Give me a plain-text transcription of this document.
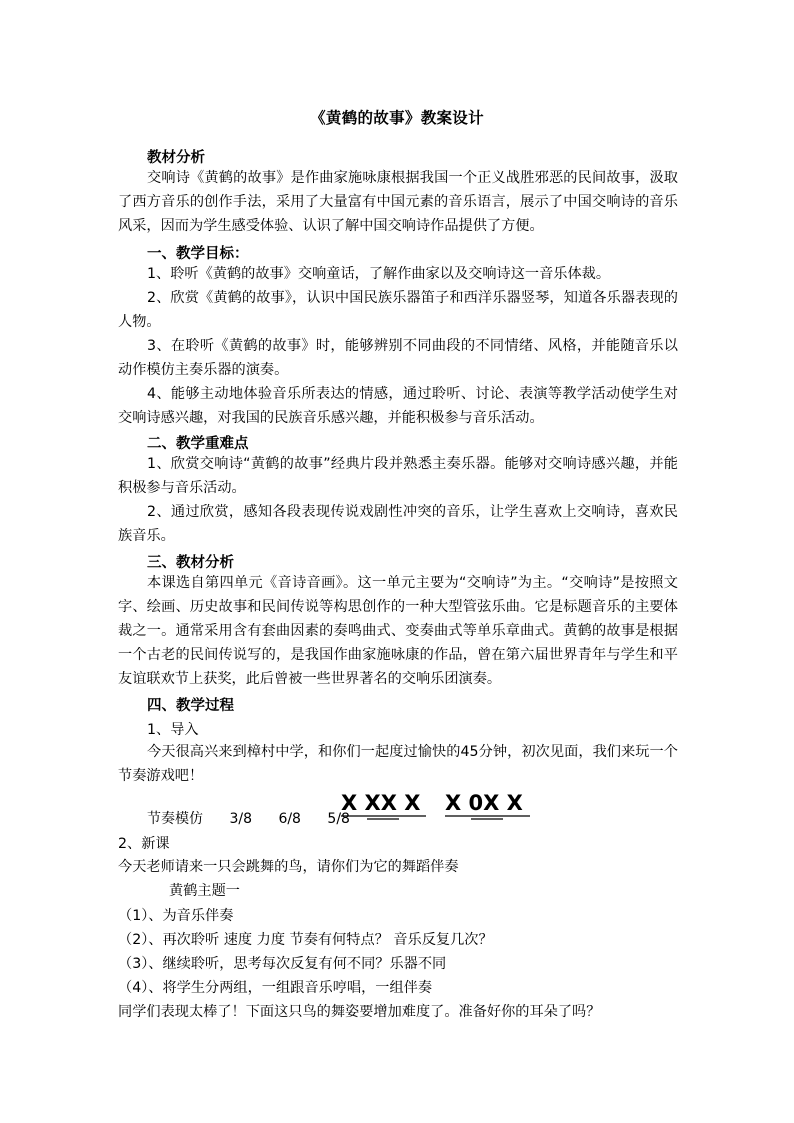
《黄鹤的故事》教案设计
教材分析
交响诗《黄鹤的故事》是作曲家施咏康根据我国一个正义战胜邪恶的民间故事，汲取了西方音乐的创作手法，采用了大量富有中国元素的音乐语言，展示了中国交响诗的音乐风采，因而为学生感受体验、认识了解中国交响诗作品提供了方便。
一、教学目标：
1、聆听《黄鹤的故事》交响童话，了解作曲家以及交响诗这一音乐体裁。
2、欣赏《黄鹤的故事》，认识中国民族乐器笛子和西洋乐器竖琴，知道各乐器表现的人物。
3、在聆听《黄鹤的故事》时，能够辨别不同曲段的不同情绪、风格，并能随音乐以动作模仿主奏乐器的演奏。
4、能够主动地体验音乐所表达的情感，通过聆听、讨论、表演等教学活动使学生对交响诗感兴趣，对我国的民族音乐感兴趣，并能积极参与音乐活动。
二、教学重难点
1、欣赏交响诗“黄鹤的故事”经典片段并熟悉主奏乐器。能够对交响诗感兴趣，并能积极参与音乐活动。
2、通过欣赏，感知各段表现传说戏剧性冲突的音乐，让学生喜欢上交响诗，喜欢民族音乐。
三、教材分析
本课选自第四单元《音诗音画》。这一单元主要为“交响诗”为主。“交响诗”是按照文字、绘画、历史故事和民间传说等构思创作的一种大型管弦乐曲。它是标题音乐的主要体裁之一。通常采用含有套曲因素的奏鸣曲式、变奏曲式等单乐章曲式。黄鹤的故事是根据一个古老的民间传说写的，是我国作曲家施咏康的作品，曾在第六届世界青年与学生和平友谊联欢节上获奖，此后曾被一些世界著名的交响乐团演奏。
四、教学过程
1、导入
今天很高兴来到樟村中学，和你们一起度过愉快的45分钟，初次见面，我们来玩一个节奏游戏吧！
节奏模仿 3/8 6/8 5/8
X XX X X 0X X
2、新课
今天老师请来一只会跳舞的鸟，请你们为它的舞蹈伴奏
黄鹤主题一
（1）、为音乐伴奏
（2）、再次聆听 速度 力度 节奏有何特点？ 音乐反复几次？
（3）、继续聆听，思考每次反复有何不同？乐器不同
（4）、将学生分两组，一组跟音乐哼唱，一组伴奏
同学们表现太棒了！下面这只鸟的舞姿要增加难度了。准备好你的耳朵了吗？
